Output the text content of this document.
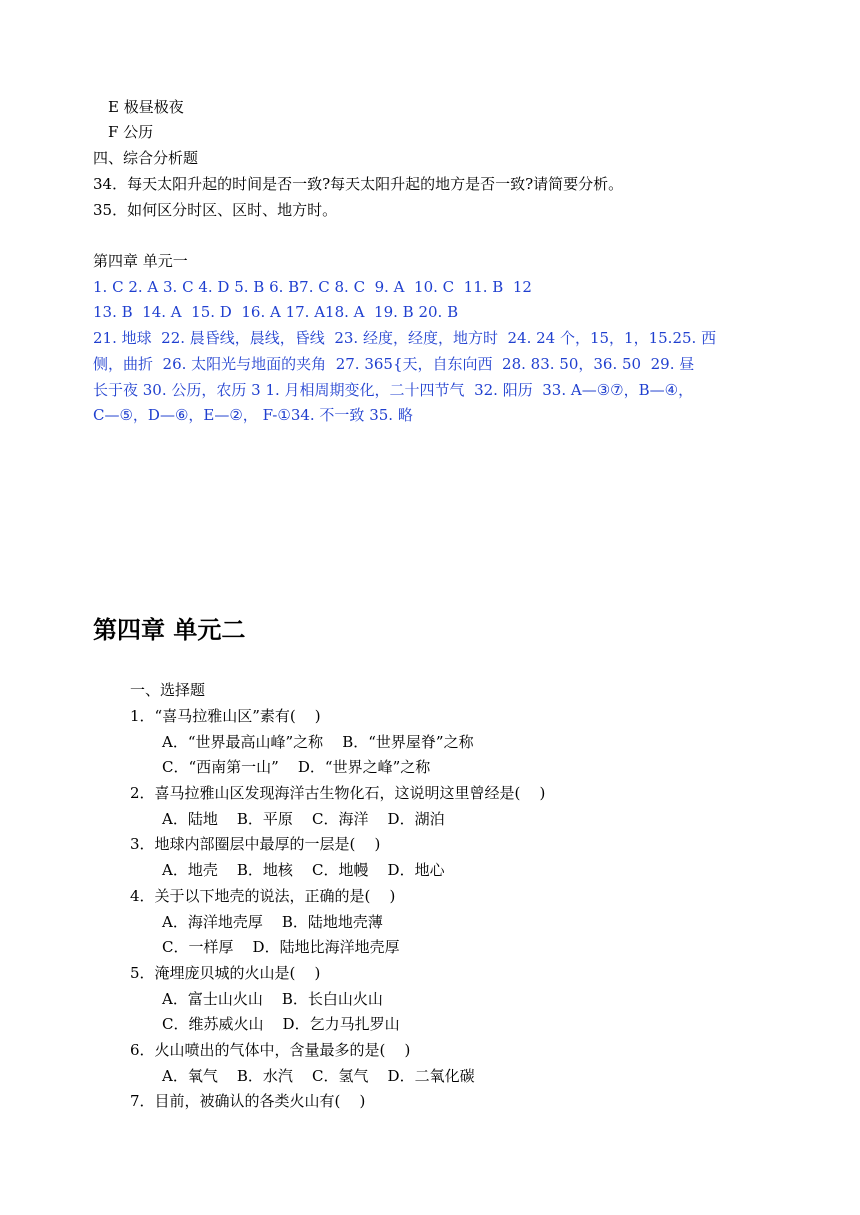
E 极昼极夜
F 公历
四、综合分析题
34．每天太阳升起的时间是否一致?每天太阳升起的地方是否一致?请简要分析。
35．如何区分时区、区时、地方时。
第四章 单元一
1. C 2. A 3. C 4. D 5. B 6. B7. C 8. C  9. A  10. C  11. B  12
13. B  14. A  15. D  16. A 17. A18. A  19. B 20. B
21. 地球  22. 晨昏线，晨线，昏线  23. 经度，经度，地方时  24. 24 个，15，1，15.25. 西
侧，曲折  26. 太阳光与地面的夹角  27. 365{天，自东向西  28. 83. 50，36. 50  29. 昼
长于夜 30. 公历，农历 3 1. 月相周期变化，二十四节气  32. 阳历  33. A—③⑦，B—④，
C—⑤，D—⑥，E—②， F-①34. 不一致 35. 略
第四章 单元二
一、选择题
1．“喜马拉雅山区”素有(    )
A．“世界最高山峰”之称    B．“世界屋脊”之称
C．“西南第一山”    D．“世界之峰”之称
2．喜马拉雅山区发现海洋古生物化石，这说明这里曾经是(    )
A．陆地    B．平原    C．海洋    D．湖泊
3．地球内部圈层中最厚的一层是(    )
A．地壳    B．地核    C．地幔    D．地心
4．关于以下地壳的说法，正确的是(    )
A．海洋地壳厚    B．陆地地壳薄
C．一样厚    D．陆地比海洋地壳厚
5．淹埋庞贝城的火山是(    )
A．富士山火山    B．长白山火山
C．维苏威火山    D．乞力马扎罗山
6．火山喷出的气体中，含量最多的是(    )
A．氧气    B．水汽    C．氢气    D．二氧化碳
7．目前，被确认的各类火山有(    )
